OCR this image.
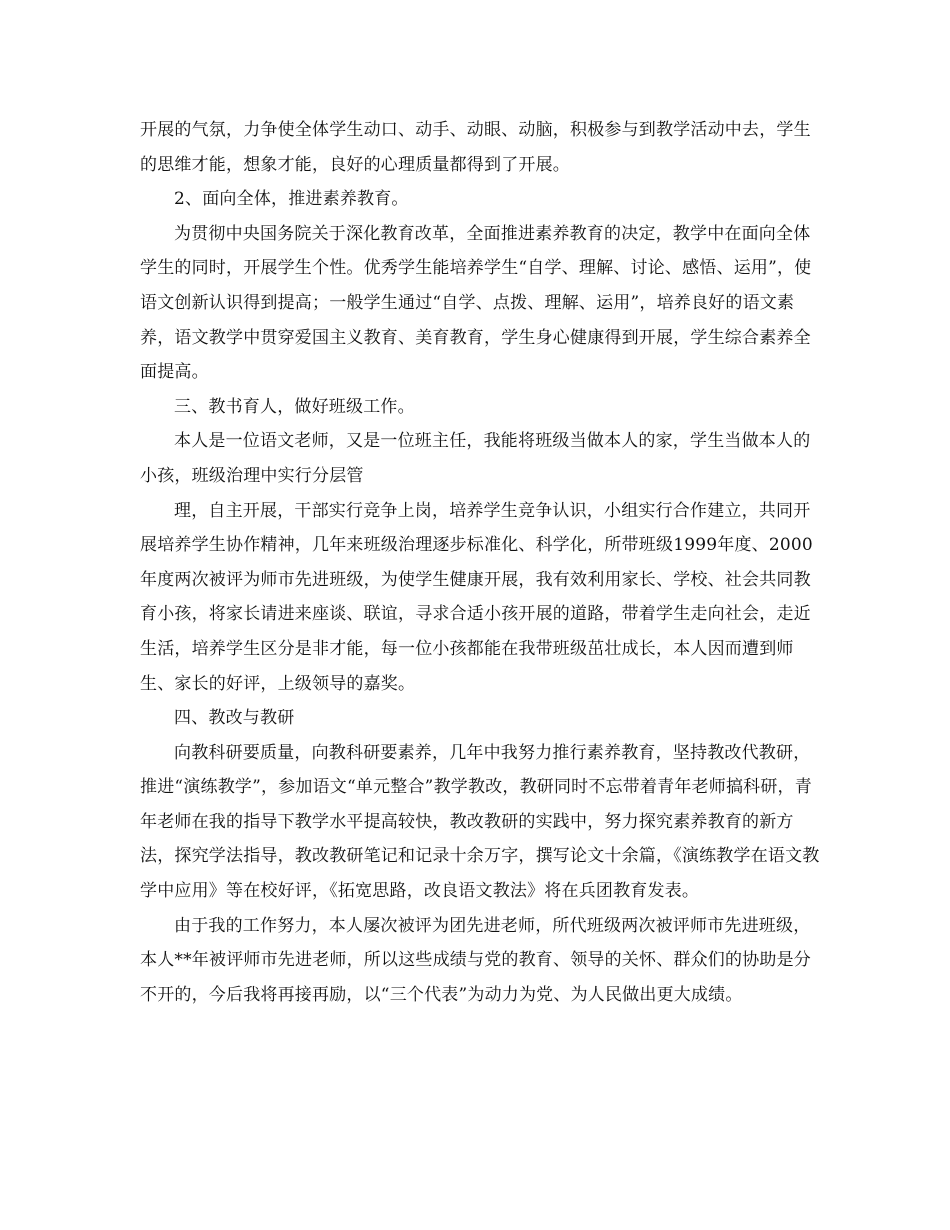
开展的气氛，力争使全体学生动口、动手、动眼、动脑，积极参与到教学活动中去，学生的思维才能，想象才能，良好的心理质量都得到了开展。

2、面向全体，推进素养教育。

为贯彻中央国务院关于深化教育改革，全面推进素养教育的决定，教学中在面向全体学生的同时，开展学生个性。优秀学生能培养学生“自学、理解、讨论、感悟、运用”，使语文创新认识得到提高；一般学生通过“自学、点拨、理解、运用”，培养良好的语文素养，语文教学中贯穿爱国主义教育、美育教育，学生身心健康得到开展，学生综合素养全面提高。

三、教书育人，做好班级工作。

本人是一位语文老师，又是一位班主任，我能将班级当做本人的家，学生当做本人的小孩，班级治理中实行分层管

理，自主开展，干部实行竞争上岗，培养学生竞争认识，小组实行合作建立，共同开展培养学生协作精神，几年来班级治理逐步标准化、科学化，所带班级1999年度、2000年度两次被评为师市先进班级，为使学生健康开展，我有效利用家长、学校、社会共同教育小孩，将家长请进来座谈、联谊，寻求合适小孩开展的道路，带着学生走向社会，走近生活，培养学生区分是非才能，每一位小孩都能在我带班级茁壮成长，本人因而遭到师生、家长的好评，上级领导的嘉奖。

四、教改与教研

向教科研要质量，向教科研要素养，几年中我努力推行素养教育，坚持教改代教研，推进“演练教学”，参加语文“单元整合”教学教改，教研同时不忘带着青年老师搞科研，青年老师在我的指导下教学水平提高较快，教改教研的实践中，努力探究素养教育的新方法，探究学法指导，教改教研笔记和记录十余万字，撰写论文十余篇，《演练教学在语文教学中应用》等在校好评，《拓宽思路，改良语文教法》将在兵团教育发表。

由于我的工作努力，本人屡次被评为团先进老师，所代班级两次被评师市先进班级，本人**年被评师市先进老师，所以这些成绩与党的教育、领导的关怀、群众们的协助是分不开的，今后我将再接再励，以“三个代表”为动力为党、为人民做出更大成绩。
